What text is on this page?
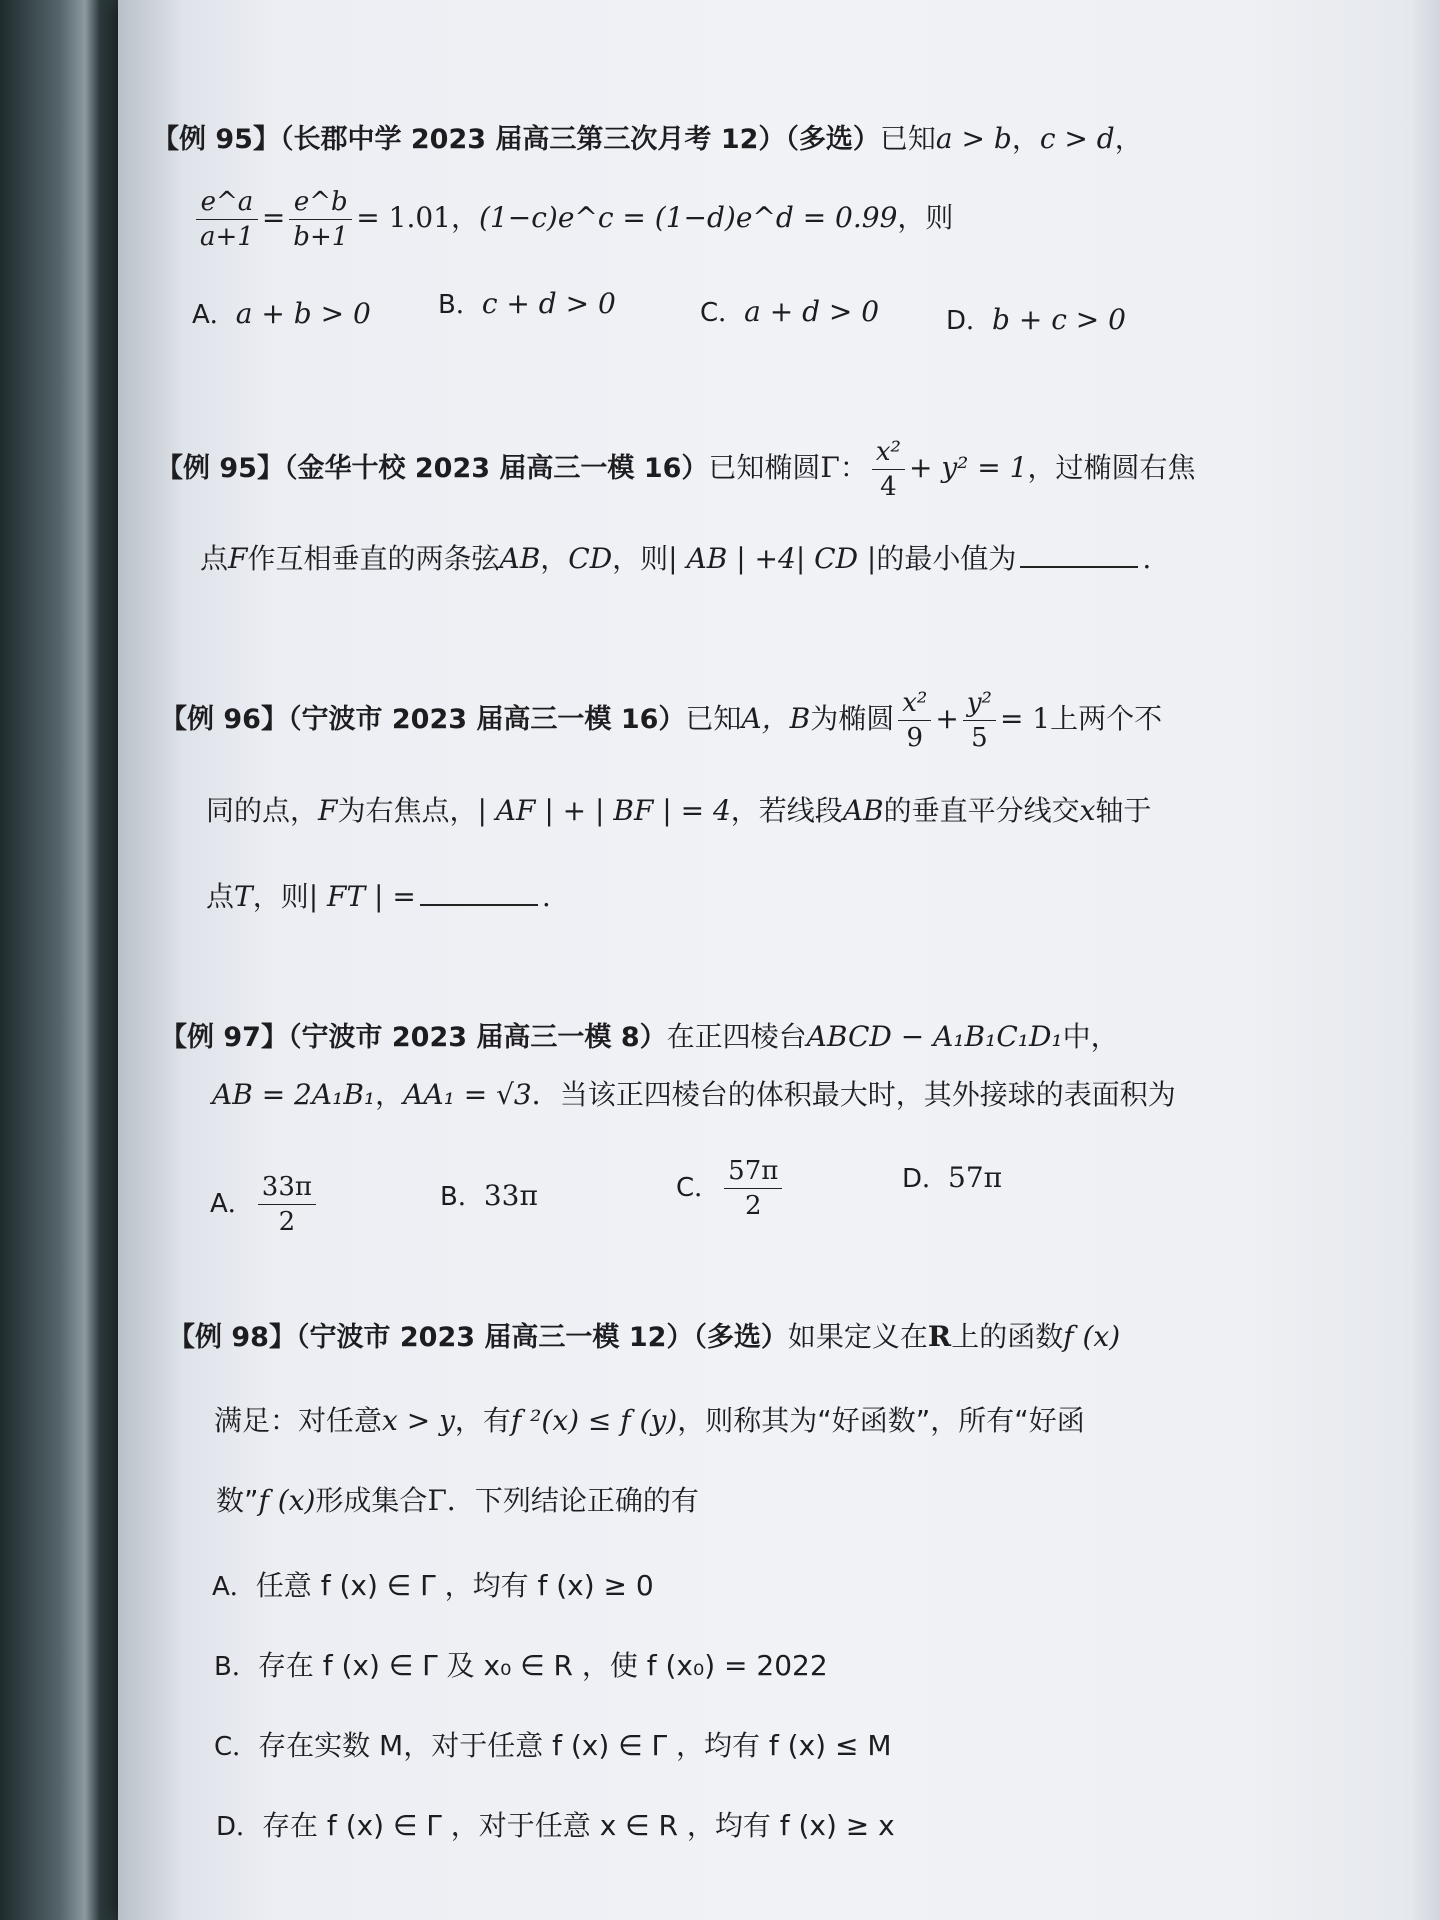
【例 95】（长郡中学 2023 届高三第三次月考 12）（多选）已知a > b，c > d，
$\frac{e\^{}a}{a+1} = \frac{e\^{}b}{b+1} = 1.01$，(1−c)e^c = (1−d)e^d = 0.99，则
A．a + b > 0	B．c + d > 0	C．a + d > 0	D．b + c > 0
【例 95】（金华十校 2023 届高三一模 16）已知椭圆Γ： $\frac{\text{x²}}{4} + y^2 = 1$，过椭圆右焦
点F作互相垂直的两条弦AB，CD，则| AB | +4| CD |的最小值为	.
【例 96】（宁波市 2023 届高三一模 16）已知A，B为椭圆 $\frac{\text{x²}}{9} + \frac{\text{y²}}{5} = 1$上两个不
同的点，F为右焦点，| AF | + | BF | = 4，若线段AB的垂直平分线交x轴于
点T，则| FT | =	.
【例 97】（宁波市 2023 届高三一模 8）在正四棱台ABCD − A₁B₁C₁D₁中，
AB = 2A₁B₁，AA₁ = √3．当该正四棱台的体积最大时，其外接球的表面积为
A． $\frac{33\pi}{2}$	B．33π	C． $\frac{57\pi}{2}$	D．57π
【例 98】（宁波市 2023 届高三一模 12）（多选）如果定义在R上的函数f (x)
满足：对任意x > y，有f ²(x) ≤ f (y)，则称其为“好函数”，所有“好函
数”f (x)形成集合Γ．下列结论正确的有
A．任意 f (x) ∈ Γ ，均有 f (x) ≥ 0
B．存在 f (x) ∈ Γ 及 x₀ ∈ R ，使 f (x₀) = 2022
C．存在实数 M，对于任意 f (x) ∈ Γ ，均有 f (x) ≤ M
D．存在 f (x) ∈ Γ ，对于任意 x ∈ R ，均有 f (x) ≥ x
